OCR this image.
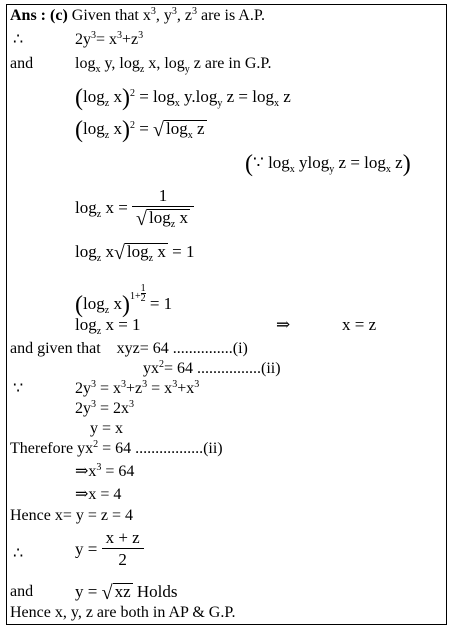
Ans : (c) Given that $x^3$, $y^3$, $z^3$ are is A.P.
∴	$2y^3= x^3+z^3$
and	$\log_x y$, $\log_z x$, $\log_y z$ are in G.P.
($\log_z$ $x)^2 = \log_x y.\log_y$ $z = \log_x z$
($\log_z$ x)$^2$ = √ $\log_x z$
(∵ $\log_x ylog_y$ $z = \log_x z$)
$\log_z x = \frac{1}{√ \log_z x}$
$\log_z x√$ $\log_z x = 1$
($\log_z$ $x)1+ \frac{1}{2}$
= 1
$\log_z x = 1$	⇒	x = z
and given that    xyz= 64 ...............(i)
$yx^2= 64$ ................(ii)
∵	$2y^3 = x^3+z^3 = x^3+x^3$
$2y^3 = 2x^3$
y = x
Therefore $yx^2 = 64$ .................(ii)
$\Rightarrow x^3 = 64$
⇒x = 4
Hence x= y = z = 4
∴	$y = \frac{x + z}{2}$
and y = √ xz Holds
Hence x, y, z are both in AP & G.P.
